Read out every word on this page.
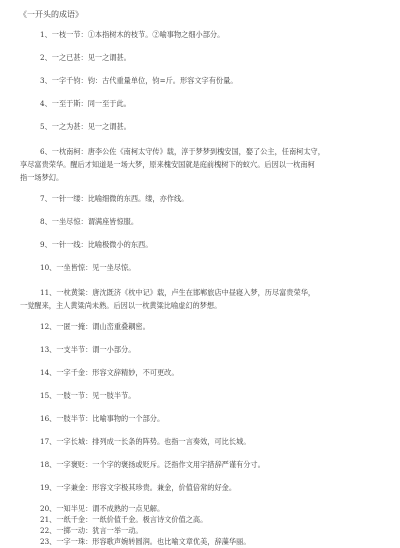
《一开头的成语》
1、一枝一节：①本指树木的枝节。②喻事物之细小部分。
2、一之已甚：见一之谓甚。
3、一字千钧：钧：古代重量单位，钧=斤。形容文字有份量。
4、一至于斯：同一至于此。
5、一之为甚：见一之谓甚。
6、一枕南柯：唐李公佐《南柯太守传》载，淳于梦梦到槐安国，娶了公主，任南柯太守，
享尽富贵荣华。醒后才知道是一场大梦，原来槐安国就是庭前槐树下的蚁穴。后因以一枕南柯
指一场梦幻。
7、一针一缕：比喻细微的东西。缕，亦作线。
8、一坐尽惊：谓满座皆惊服。
9、一针一线：比喻极微小的东西。
10、一坐皆惊：见一坐尽惊。
11、一枕黄粱：唐沈既济《枕中记》载，卢生在邯郸旅店中昼寝入梦，历尽富贵荣华，
一觉醒来，主人黄粱尚未熟。后因以一枕黄粱比喻虚幻的梦想。
12、一匿一掩：谓山峦重叠耦密。
13、一支半节：谓一小部分。
14、一字千金：形容文辞精妙，不可更改。
15、一肢一节：见一肢半节。
16、一肢半节：比喻事物的一个部分。
17、一字长城：排列成一长条的阵势。也指一言奏效，可比长城。
18、一字褒贬：一个字的褒扬或贬斥。泛指作文用字措辞严谨有分寸。
19、一字兼金：形容文字极其珍贵。兼金，价值倍常的好金。
20、一知半见：谓不成熟的一点见解。
21、一纸千金：一纸价值千金。极言诗文价值之高。
22、一掷一动：犹言一举一动。
23、一字一珠：形容歌声婉转圆润。也比喻文章优美，辞藻华丽。
